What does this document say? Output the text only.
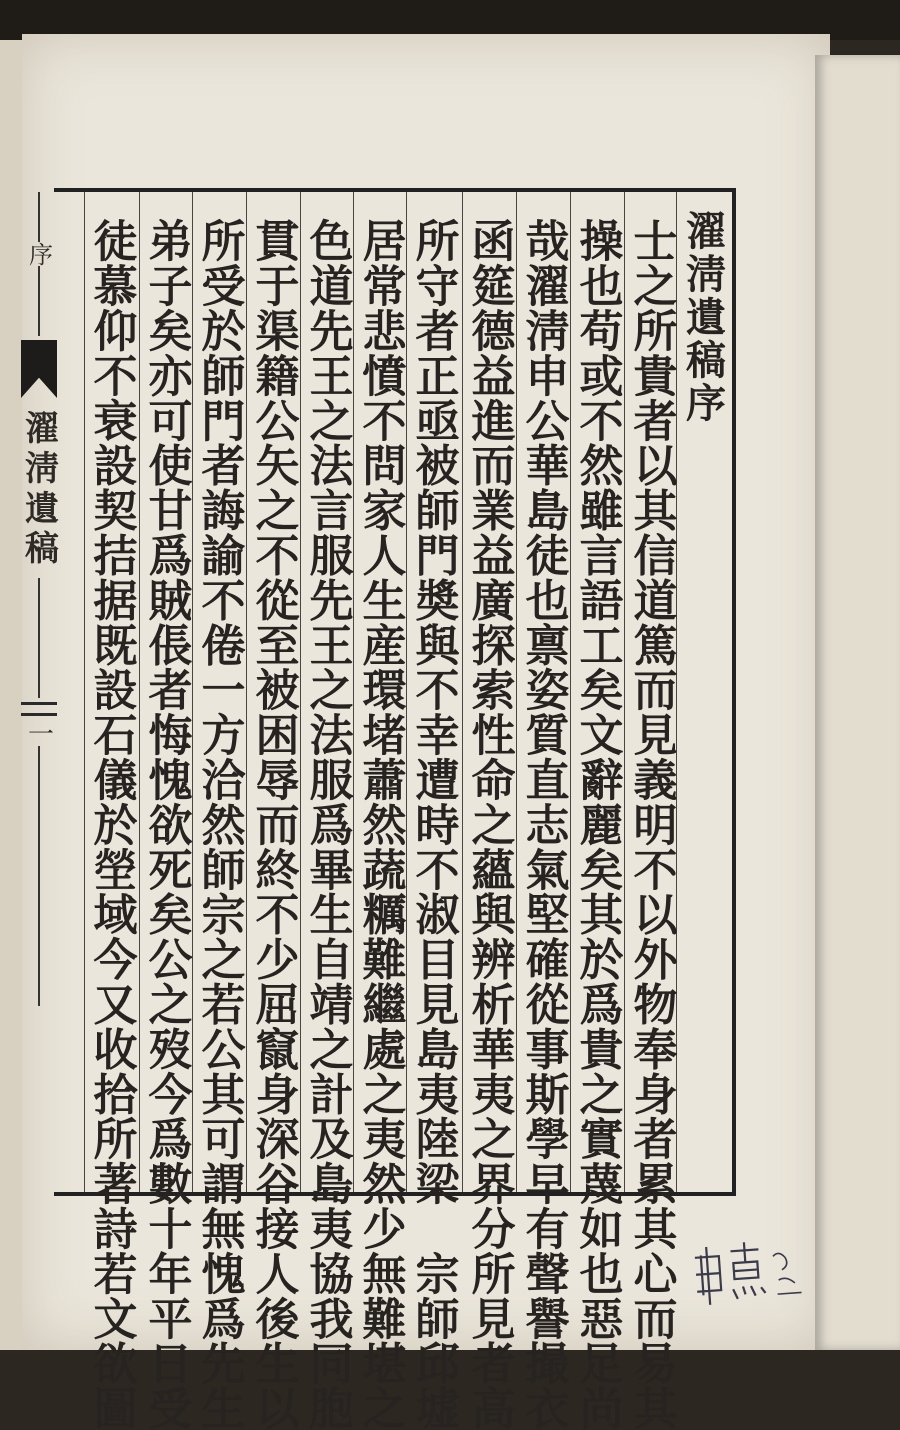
序
濯淸遺稿
一
濯淸遺稿序
士之所貴者以其信道篤而見義明不以外物奉身者累其心而易其
操也苟或不然雖言語工矣文辭麗矣其於爲貴之實蔑如也惡足尚
哉濯淸申公華島徒也禀姿質直志氣堅確從事斯學早有聲譽撮衣
函筵德益進而業益廣探索性命之蘊與辨析華夷之界分所見者高
所守者正亟被師門奬與不幸遭時不淑目見島夷陸梁　宗師邱墟
居常悲憤不問家人生産環堵蕭然蔬糲難繼處之夷然少無難堪之
色道先王之法言服先王之法服爲畢生自靖之計及島夷協我同胞
貫于渠籍公矢之不從至被困辱而終不少屈竄身深谷接人後生以
所受於師門者誨諭不倦一方洽然師宗之若公其可謂無愧爲先生
弟子矣亦可使甘爲賊倀者悔愧欲死矣公之歿今爲數十年平日受
徒慕仰不衰設契拮据既設石儀於塋域今又收拾所著詩若文欲圖
